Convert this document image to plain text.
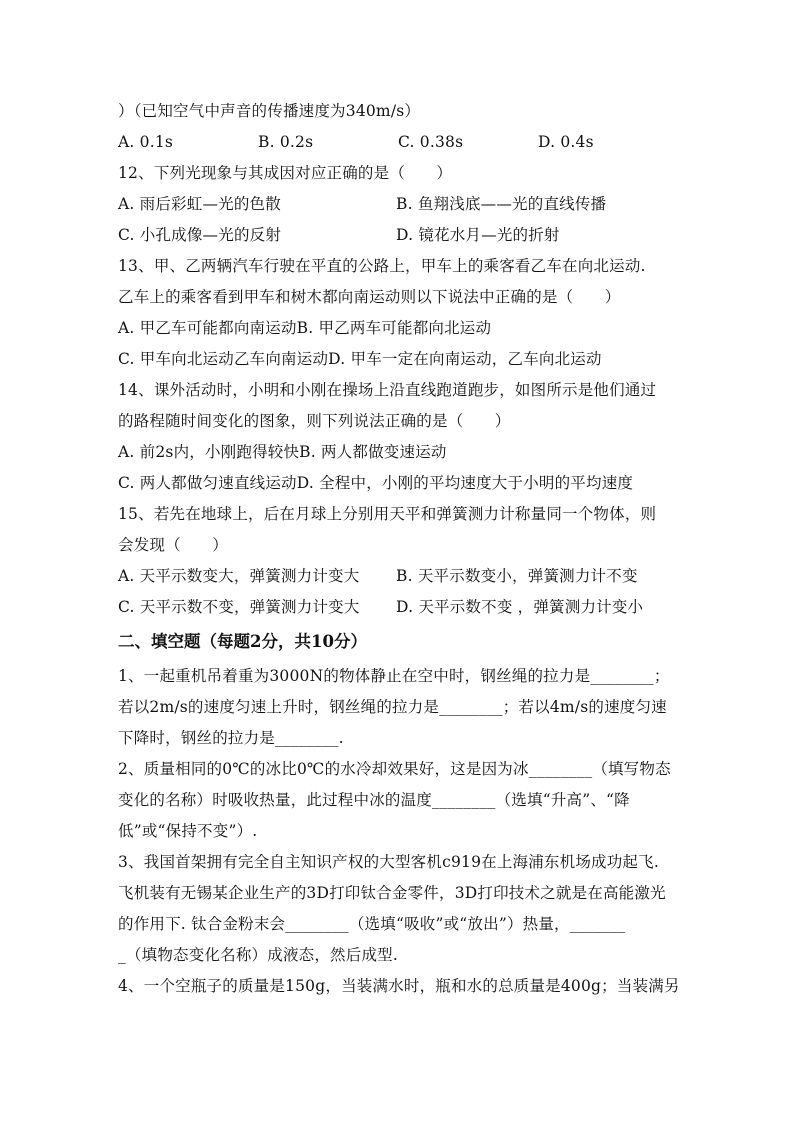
）（已知空气中声音的传播速度为340m/s）
A. 0.1s	B. 0.2s	C. 0.38s	D. 0.4s
12、下列光现象与其成因对应正确的是（　　）
A. 雨后彩虹—光的色散	B. 鱼翔浅底——光的直线传播
C. 小孔成像—光的反射	D. 镜花水月—光的折射
13、甲、乙两辆汽车行驶在平直的公路上，甲车上的乘客看乙车在向北运动.
乙车上的乘客看到甲车和树木都向南运动则以下说法中正确的是（　　）
A. 甲乙车可能都向南运动B. 甲乙两车可能都向北运动
C. 甲车向北运动乙车向南运动D. 甲车一定在向南运动，乙车向北运动
14、课外活动时，小明和小刚在操场上沿直线跑道跑步，如图所示是他们通过
的路程随时间变化的图象，则下列说法正确的是（　　）
A. 前2s内，小刚跑得较快B. 两人都做变速运动
C. 两人都做匀速直线运动D. 全程中，小刚的平均速度大于小明的平均速度
15、若先在地球上，后在月球上分别用天平和弹簧测力计称量同一个物体，则
会发现（　　）
A. 天平示数变大，弹簧测力计变大	B. 天平示数变小，弹簧测力计不变
C. 天平示数不变，弹簧测力计变大	D. 天平示数不变 ，弹簧测力计变小
二、填空题（每题2分，共10分）
1、一起重机吊着重为3000N的物体静止在空中时，钢丝绳的拉力是________；
若以2m/s的速度匀速上升时，钢丝绳的拉力是________；若以4m/s的速度匀速
下降时，钢丝的拉力是________.
2、质量相同的0℃的冰比0℃的水冷却效果好，这是因为冰________（填写物态
变化的名称）时吸收热量，此过程中冰的温度________（选填“升高”、“降
低”或“保持不变”）.
3、我国首架拥有完全自主知识产权的大型客机c919在上海浦东机场成功起飞.
飞机装有无锡某企业生产的3D打印钛合金零件，3D打印技术之就是在高能激光
的作用下. 钛合金粉末会________（选填“吸收”或“放出”）热量，_______
_（填物态变化名称）成液态，然后成型.
4、一个空瓶子的质量是150g，当装满水时，瓶和水的总质量是400g；当装满另
